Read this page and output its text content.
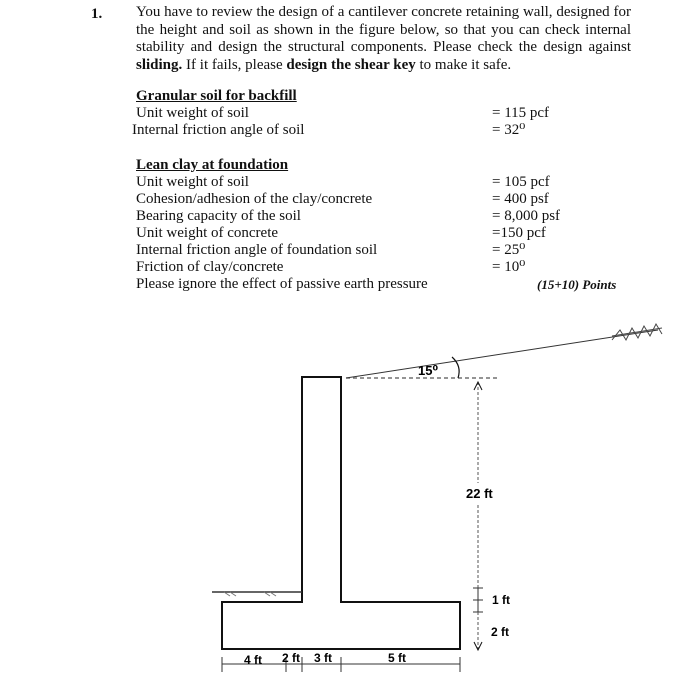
1. You have to review the design of a cantilever concrete retaining wall, designed for the height and soil as shown in the figure below, so that you can check internal stability and design the structural components. Please check the design against sliding. If it fails, please design the shear key to make it safe.
Granular soil for backfill
Unit weight of soil	= 115 pcf
Internal friction angle of soil	= 32⁰
Lean clay at foundation
Unit weight of soil	= 105 pcf
Cohesion/adhesion of the clay/concrete	= 400 psf
Bearing capacity of the soil	= 8,000 psf
Unit weight of concrete	=150 pcf
Internal friction angle of foundation soil	= 25⁰
Friction of clay/concrete	= 10⁰
Please ignore the effect of passive earth pressure	(15+10) Points
15⁰
22 ft
1 ft
2 ft
4 ft 2 ft 3 ft	5 ft
